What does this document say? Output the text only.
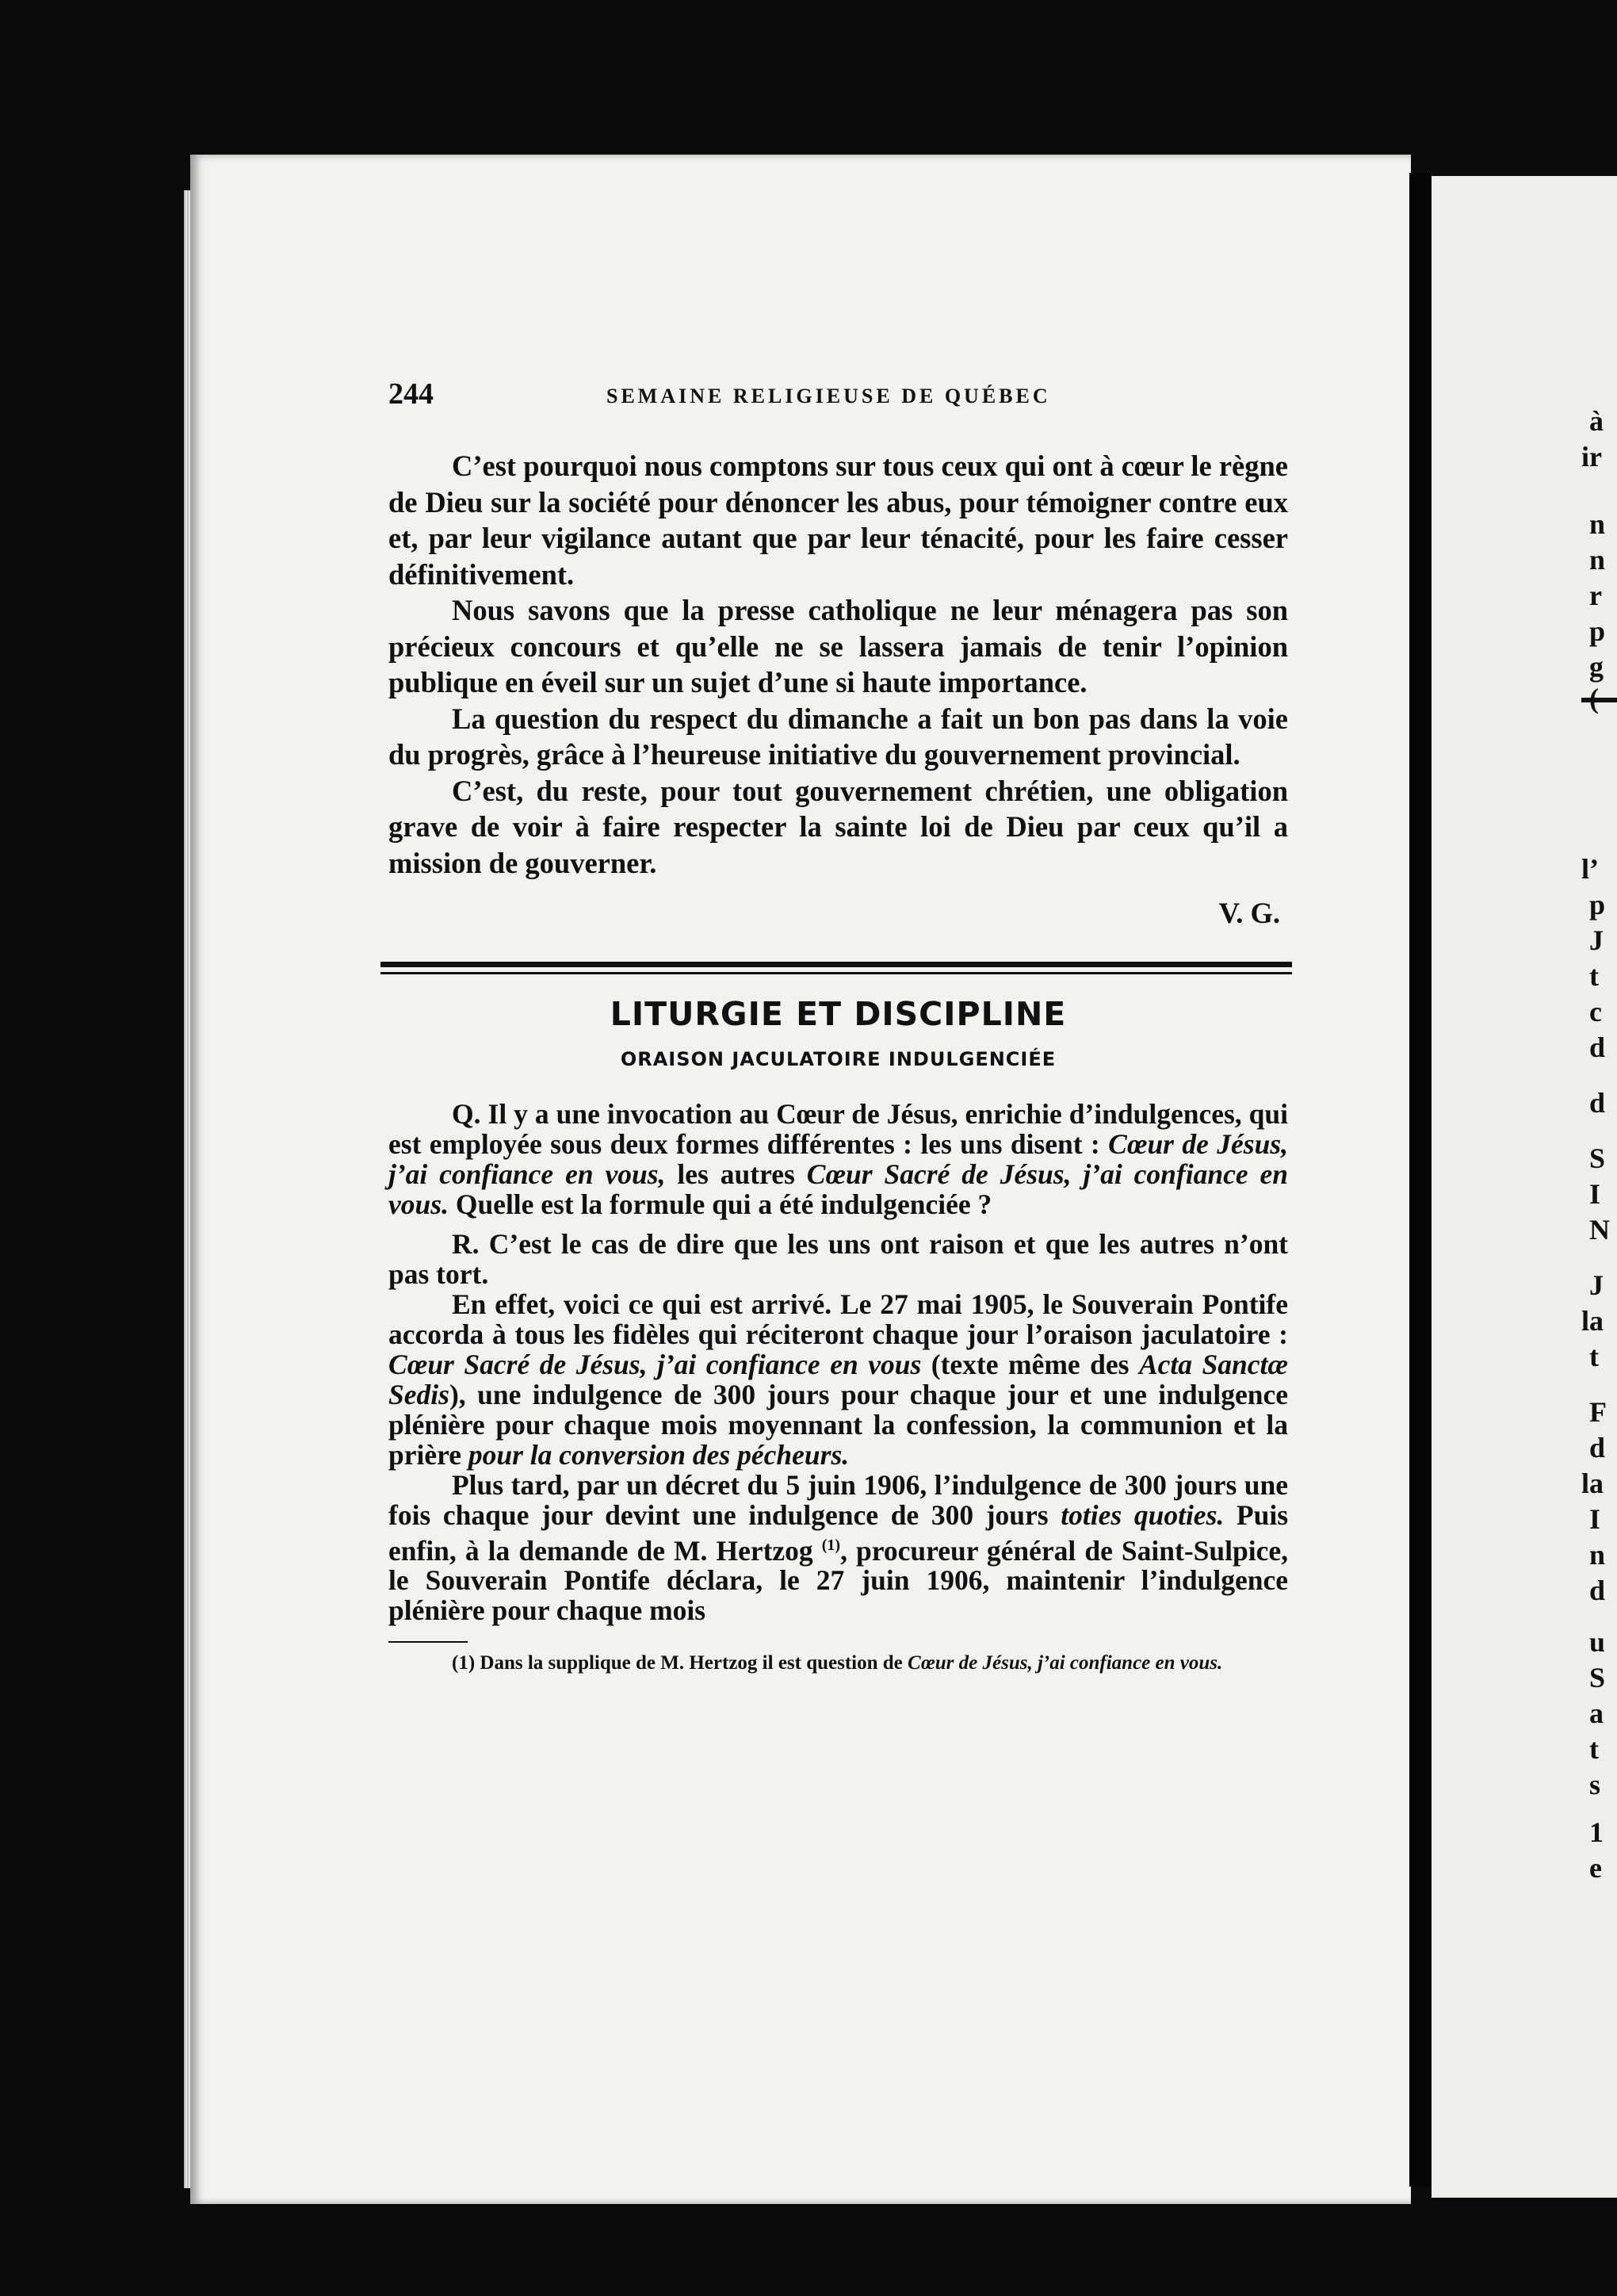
à
ir
n
n
r
p
g
(
l’
p
J
t
c
d
d
S
I
N
J
la
t
F
d
la
I
n
d
u
S
a
t
s
1
e
244	SEMAINE RELIGIEUSE DE QUÉBEC

C’est pourquoi nous comptons sur tous ceux qui ont à cœur le règne de Dieu sur la société pour dénoncer les abus, pour témoigner contre eux et, par leur vigilance autant que par leur ténacité, pour les faire cesser définitivement.

Nous savons que la presse catholique ne leur ménagera pas son précieux concours et qu’elle ne se lassera jamais de tenir l’opinion publique en éveil sur un sujet d’une si haute importance.

La question du respect du dimanche a fait un bon pas dans la voie du progrès, grâce à l’heureuse initiative du gouvernement provincial.

C’est, du reste, pour tout gouvernement chrétien, une obligation grave de voir à faire respecter la sainte loi de Dieu par ceux qu’il a mission de gouverner.

V. G.
LITURGIE ET DISCIPLINE
ORAISON JACULATOIRE INDULGENCIÉE

Q. Il y a une invocation au Cœur de Jésus, enrichie d’indulgences, qui est employée sous deux formes différentes : les uns disent : Cœur de Jésus, j’ai confiance en vous, les autres Cœur Sacré de Jésus, j’ai confiance en vous. Quelle est la formule qui a été indulgenciée ?

R. C’est le cas de dire que les uns ont raison et que les autres n’ont pas tort.

En effet, voici ce qui est arrivé. Le 27 mai 1905, le Souverain Pontife accorda à tous les fidèles qui réciteront chaque jour l’oraison jaculatoire : Cœur Sacré de Jésus, j’ai confiance en vous (texte même des Acta Sanctæ Sedis), une indulgence de 300 jours pour chaque jour et une indulgence plénière pour chaque mois moyennant la confession, la communion et la prière pour la conversion des pécheurs.

Plus tard, par un décret du 5 juin 1906, l’indulgence de 300 jours une fois chaque jour devint une indulgence de 300 jours toties quoties. Puis enfin, à la demande de M. Hertzog $^{(1)}$, procureur général de Saint-Sulpice, le Souverain Pontife déclara, le 27 juin 1906, maintenir l’indulgence plénière pour chaque mois

(1) Dans la supplique de M. Hertzog il est question de Cœur de Jésus, j’ai confiance en vous.
